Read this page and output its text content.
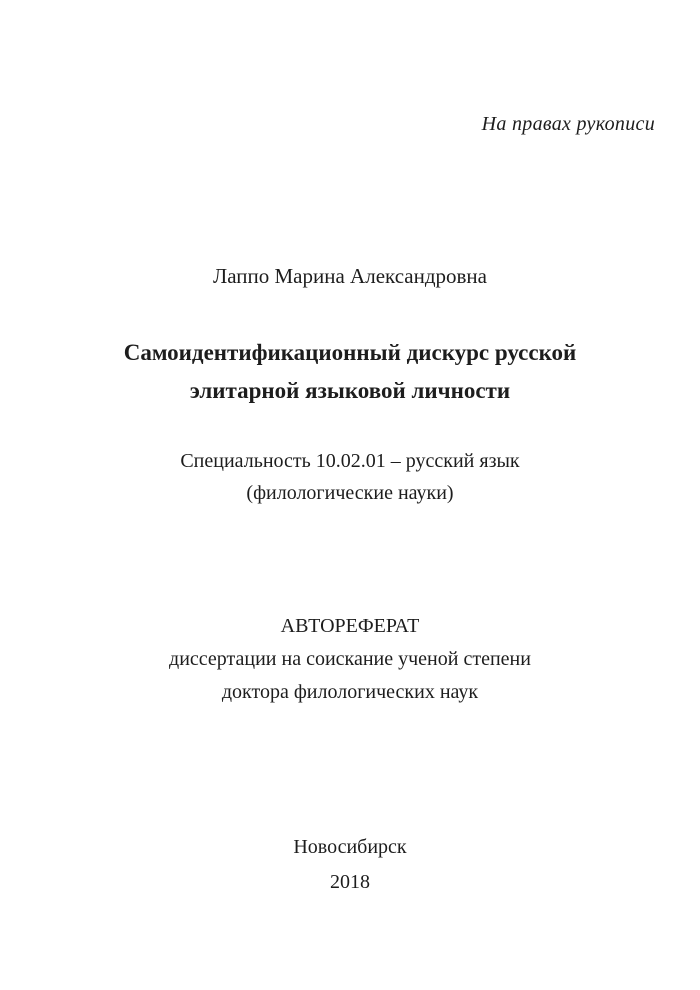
На правах рукописи
Лаппо Марина Александровна
Самоидентификационный дискурс русской
элитарной языковой личности
Специальность 10.02.01 – русский язык
(филологические науки)
АВТОРЕФЕРАТ
диссертации на соискание ученой степени
доктора филологических наук
Новосибирск
2018
